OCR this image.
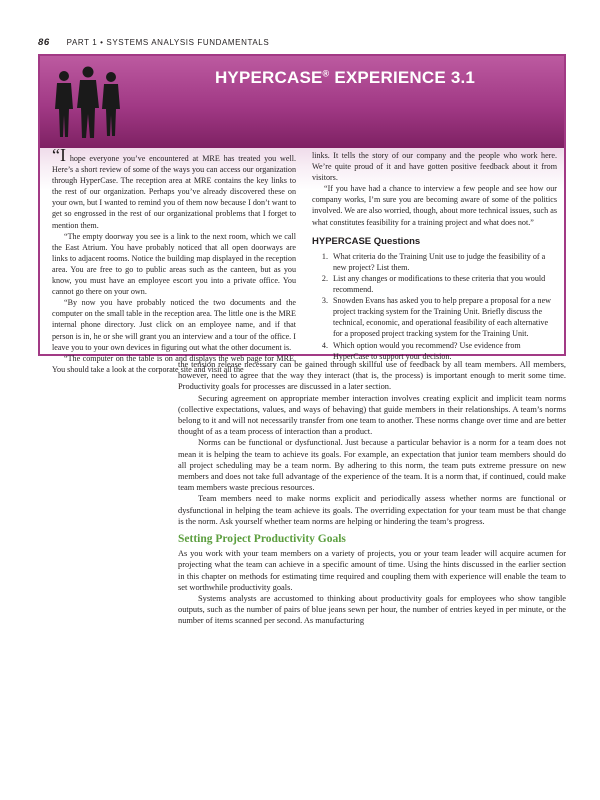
86 PART 1 • SYSTEMS ANALYSIS FUNDAMENTALS
HYPERCASE® EXPERIENCE 3.1

“I hope everyone you’ve encountered at MRE has treated you well. Here’s a short review of some of the ways you can access our organization through HyperCase. The reception area at MRE contains the key links to the rest of our organization. Perhaps you’ve already discovered these on your own, but I wanted to remind you of them now because I don’t want to get so engrossed in the rest of our organizational problems that I forget to mention them.

“The empty doorway you see is a link to the next room, which we call the East Atrium. You have probably noticed that all open doorways are links to adjacent rooms. Notice the building map displayed in the reception area. You are free to go to public areas such as the canteen, but as you know, you must have an employee escort you into a private office. You cannot go there on your own.

“By now you have probably noticed the two documents and the computer on the small table in the reception area. The little one is the MRE internal phone directory. Just click on an employee name, and if that person is in, he or she will grant you an interview and a tour of the office. I leave you to your own devices in figuring out what the other document is.

“The computer on the table is on and displays the web page for MRE. You should take a look at the corporate site and visit all the

links. It tells the story of our company and the people who work here. We’re quite proud of it and have gotten positive feedback about it from visitors.

“If you have had a chance to interview a few people and see how our company works, I’m sure you are becoming aware of some of the politics involved. We are also worried, though, about more technical issues, such as what constitutes feasibility for a training project and what does not.”

HYPERCASE Questions
1. What criteria do the Training Unit use to judge the feasibility of a new project? List them.
2. List any changes or modifications to these criteria that you would recommend.
3. Snowden Evans has asked you to help prepare a proposal for a new project tracking system for the Training Unit. Briefly discuss the technical, economic, and operational feasibility of each alternative for a proposed project tracking system for the Training Unit.
4. Which option would you recommend? Use evidence from HyperCase to support your decision.

the tension release necessary can be gained through skillful use of feedback by all team members. All members, however, need to agree that the way they interact (that is, the process) is important enough to merit some time. Productivity goals for processes are discussed in a later section.

Securing agreement on appropriate member interaction involves creating explicit and implicit team norms (collective expectations, values, and ways of behaving) that guide members in their relationships. A team’s norms belong to it and will not necessarily transfer from one team to another. These norms change over time and are better thought of as a team process of interaction than a product.

Norms can be functional or dysfunctional. Just because a particular behavior is a norm for a team does not mean it is helping the team to achieve its goals. For example, an expectation that junior team members should do all project scheduling may be a team norm. By adhering to this norm, the team puts extreme pressure on new members and does not take full advantage of the experience of the team. It is a norm that, if continued, could make team members waste precious resources.

Team members need to make norms explicit and periodically assess whether norms are functional or dysfunctional in helping the team achieve its goals. The overriding expectation for your team must be that change is the norm. Ask yourself whether team norms are helping or hindering the team’s progress.

Setting Project Productivity Goals

As you work with your team members on a variety of projects, you or your team leader will acquire acumen for projecting what the team can achieve in a specific amount of time. Using the hints discussed in the earlier section in this chapter on methods for estimating time required and coupling them with experience will enable the team to set worthwhile productivity goals.

Systems analysts are accustomed to thinking about productivity goals for employees who show tangible outputs, such as the number of pairs of blue jeans sewn per hour, the number of entries keyed in per minute, or the number of items scanned per second. As manufacturing
